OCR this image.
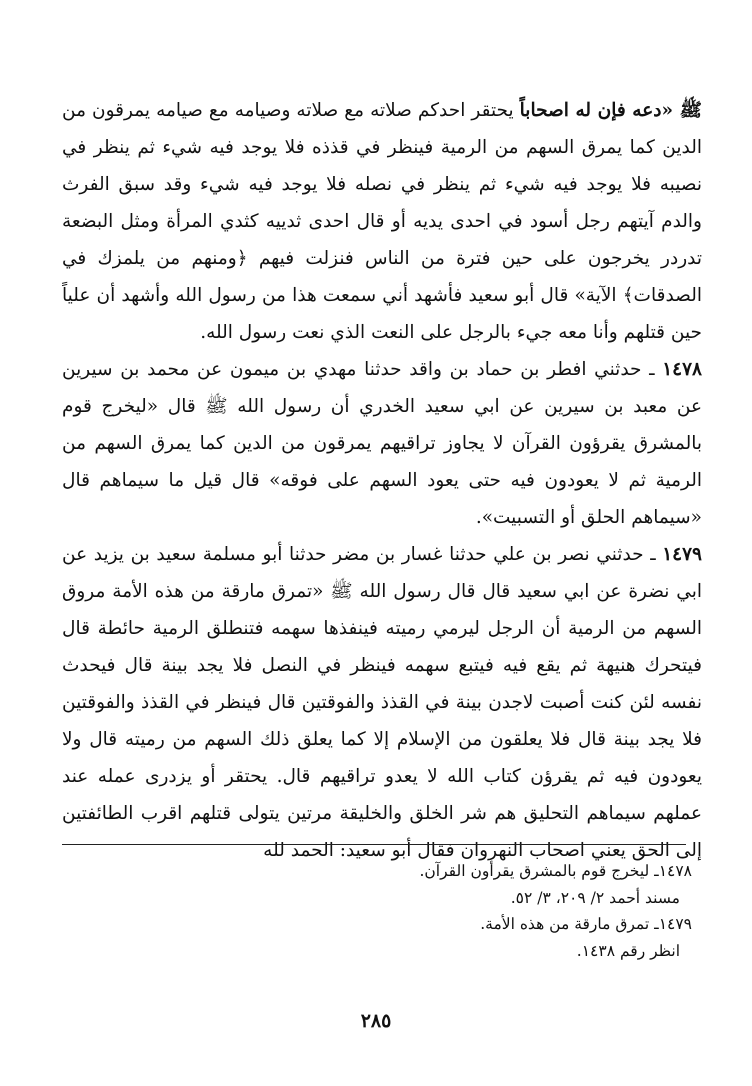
ﷺ «دعه فإن له اصحاباً يحتقر احدكم صلاته مع صلاته وصيامه مع صيامه يمرقون من الدين كما يمرق السهم من الرمية فينظر في قذذه فلا يوجد فيه شيء ثم ينظر في نصيبه فلا يوجد فيه شيء ثم ينظر في نصله فلا يوجد فيه شيء وقد سبق الفرث والدم آيتهم رجل أسود في احدى يديه أو قال احدى ثدييه كثدي المرأة ومثل البضعة تدردر يخرجون على حين فترة من الناس فنزلت فيهم ﴿ومنهم من يلمزك في الصدقات﴾ الآية» قال أبو سعيد فأشهد أني سمعت هذا من رسول الله وأشهد أن علياً حين قتلهم وأنا معه جيء بالرجل على النعت الذي نعت رسول الله.

١٤٧٨ ـ حدثني افطر بن حماد بن واقد حدثنا مهدي بن ميمون عن محمد بن سيرين عن معبد بن سيرين عن ابي سعيد الخدري أن رسول الله ﷺ قال «ليخرج قوم بالمشرق يقرؤون القرآن لا يجاوز تراقيهم يمرقون من الدين كما يمرق السهم من الرمية ثم لا يعودون فيه حتى يعود السهم على فوقه» قال قيل ما سيماهم قال «سيماهم الحلق أو التسبيت».

١٤٧٩ ـ حدثني نصر بن علي حدثنا غسار بن مضر حدثنا أبو مسلمة سعيد بن يزيد عن ابي نضرة عن ابي سعيد قال قال رسول الله ﷺ «تمرق مارقة من هذه الأمة مروق السهم من الرمية أن الرجل ليرمي رميته فينفذها سهمه فتنطلق الرمية حائطة قال فيتحرك هنيهة ثم يقع فيه فيتبع سهمه فينظر في النصل فلا يجد بينة قال فيحدث نفسه لئن كنت أصبت لاجدن بينة في القذذ والفوقتين قال فينظر في القذذ والفوقتين فلا يجد بينة قال فلا يعلقون من الإسلام إلا كما يعلق ذلك السهم من رميته قال ولا يعودون فيه ثم يقرؤن كتاب الله لا يعدو تراقيهم قال. يحتقر أو يزدرى عمله عند عملهم سيماهم التحليق هم شر الخلق والخليقة مرتين يتولى قتلهم اقرب الطائفتين إلى الحق يعني اصحاب النهروان فقال أبو سعيد: الحمد لله

١٤٧٨ـ ليخرج قوم بالمشرق يقرأون القرآن.
مسند أحمد ٢/ ٢٠٩، ٣/ ٥٢.
١٤٧٩ـ تمرق مارقة من هذه الأمة.
انظر رقم ١٤٣٨.
٢٨٥
